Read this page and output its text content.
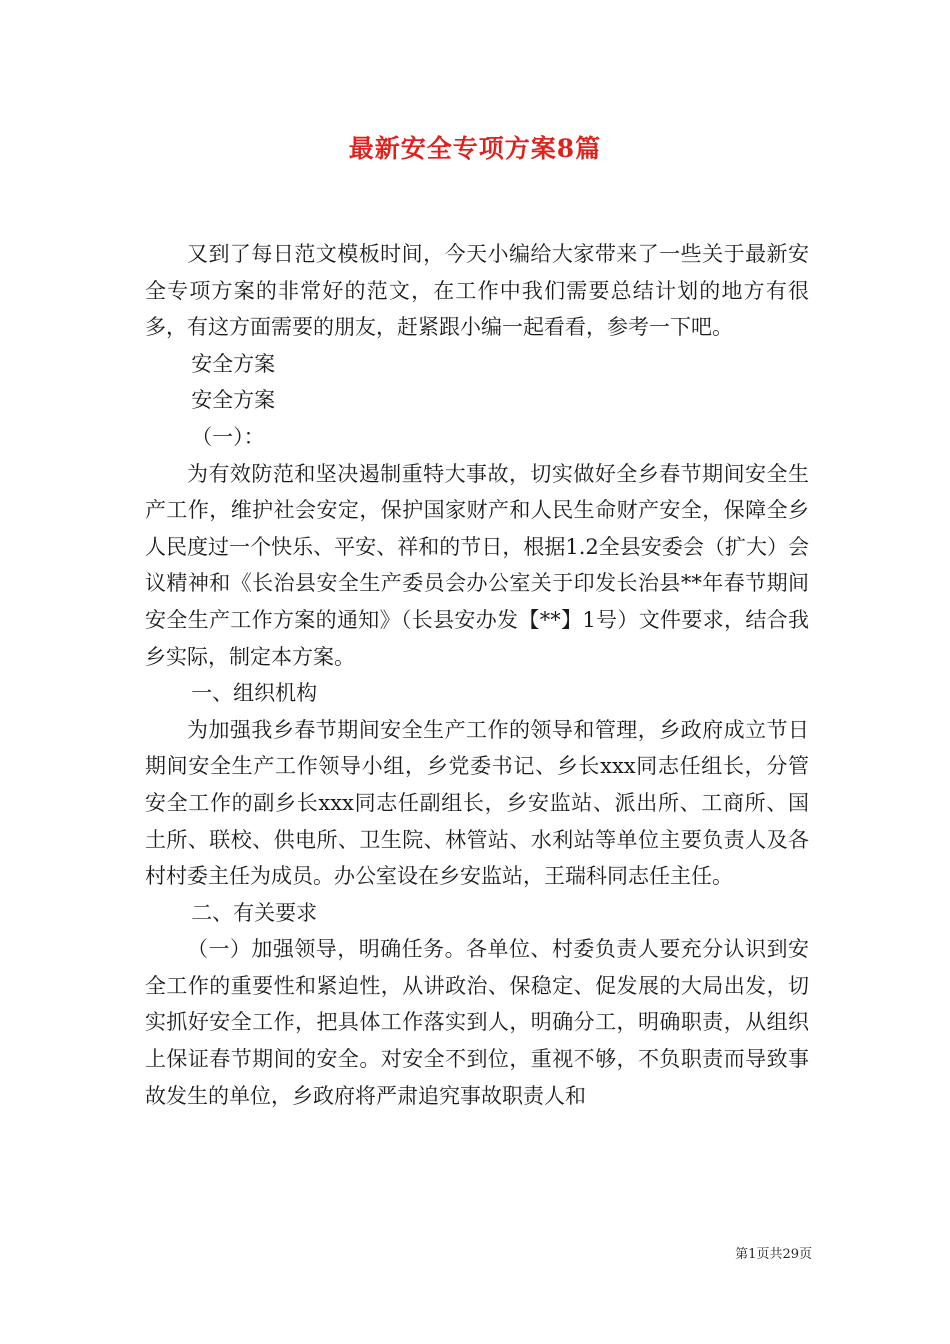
最新安全专项方案8篇

又到了每日范文模板时间，今天小编给大家带来了一些关于最新安全专项方案的非常好的范文，在工作中我们需要总结计划的地方有很多，有这方面需要的朋友，赶紧跟小编一起看看，参考一下吧。

安全方案

安全方案

（一）：

为有效防范和坚决遏制重特大事故，切实做好全乡春节期间安全生产工作，维护社会安定，保护国家财产和人民生命财产安全，保障全乡人民度过一个快乐、平安、祥和的节日，根据1.2全县安委会（扩大）会议精神和《长治县安全生产委员会办公室关于印发长治县**年春节期间安全生产工作方案的通知》（长县安办发【**】1号）文件要求，结合我乡实际，制定本方案。

一、组织机构

为加强我乡春节期间安全生产工作的领导和管理，乡政府成立节日期间安全生产工作领导小组，乡党委书记、乡长xxx同志任组长，分管安全工作的副乡长xxx同志任副组长，乡安监站、派出所、工商所、国土所、联校、供电所、卫生院、林管站、水利站等单位主要负责人及各村村委主任为成员。办公室设在乡安监站，王瑞科同志任主任。

二、有关要求

（一）加强领导，明确任务。各单位、村委负责人要充分认识到安全工作的重要性和紧迫性，从讲政治、保稳定、促发展的大局出发，切实抓好安全工作，把具体工作落实到人，明确分工，明确职责，从组织上保证春节期间的安全。对安全不到位，重视不够，不负职责而导致事故发生的单位，乡政府将严肃追究事故职责人和

第1页共29页
